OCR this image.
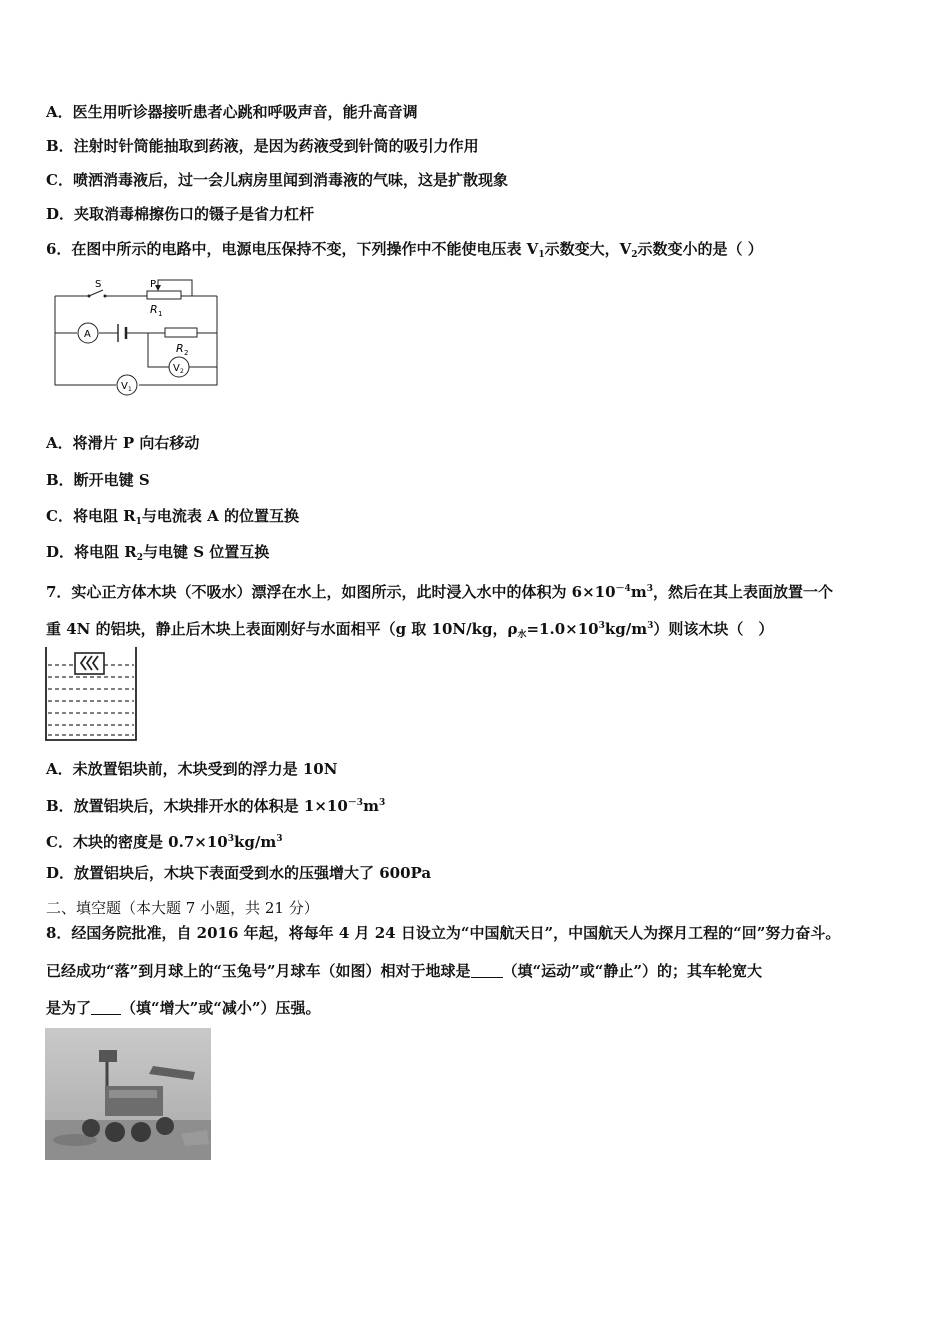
A．医生用听诊器接听患者心跳和呼吸声音，能升高音调
B．注射时针筒能抽取到药液，是因为药液受到针筒的吸引力作用
C．喷洒消毒液后，过一会儿病房里闻到消毒液的气味，这是扩散现象
D．夹取消毒棉擦伤口的镊子是省力杠杆
6．在图中所示的电路中，电源电压保持不变，下列操作中不能使电压表 $V_1$示数变大，$V_2$示数变小的是（ ）
S	P
R 1
R 2
A
V 2
V 1
A．将滑片 P 向右移动
B．断开电键 S
C．将电阻 $R_1$与电流表 A 的位置互换
D．将电阻 $R_2$与电键 S 位置互换
7．实心正方体木块（不吸水）漂浮在水上，如图所示，此时浸入水中的体积为 $6\times 10^{-4}m^3$，然后在其上表面放置一个
重 4N 的铝块，静止后木块上表面刚好与水面相平（g 取 10N/kg，$\rho_水=1.0\times 10^3kg/m^3$）则该木块（　）
A．未放置铝块前，木块受到的浮力是 10N
B．放置铝块后，木块排开水的体积是 $1\times 10^{-3}m^3$
C．木块的密度是 $0.7\times 10^3kg/m^3$
D．放置铝块后，木块下表面受到水的压强增大了 600Pa
二、填空题（本大题 7 小题，共 21 分）
8．经国务院批准，自 2016 年起，将每年 4 月 24 日设立为“中国航天日”，中国航天人为探月工程的“回”努力奋斗。
已经成功“落”到月球上的“玉兔号”月球车（如图）相对于地球是 （填“运动”或“静止”）的；其车轮宽大
是为了 （填“增大”或“减小”）压强。
